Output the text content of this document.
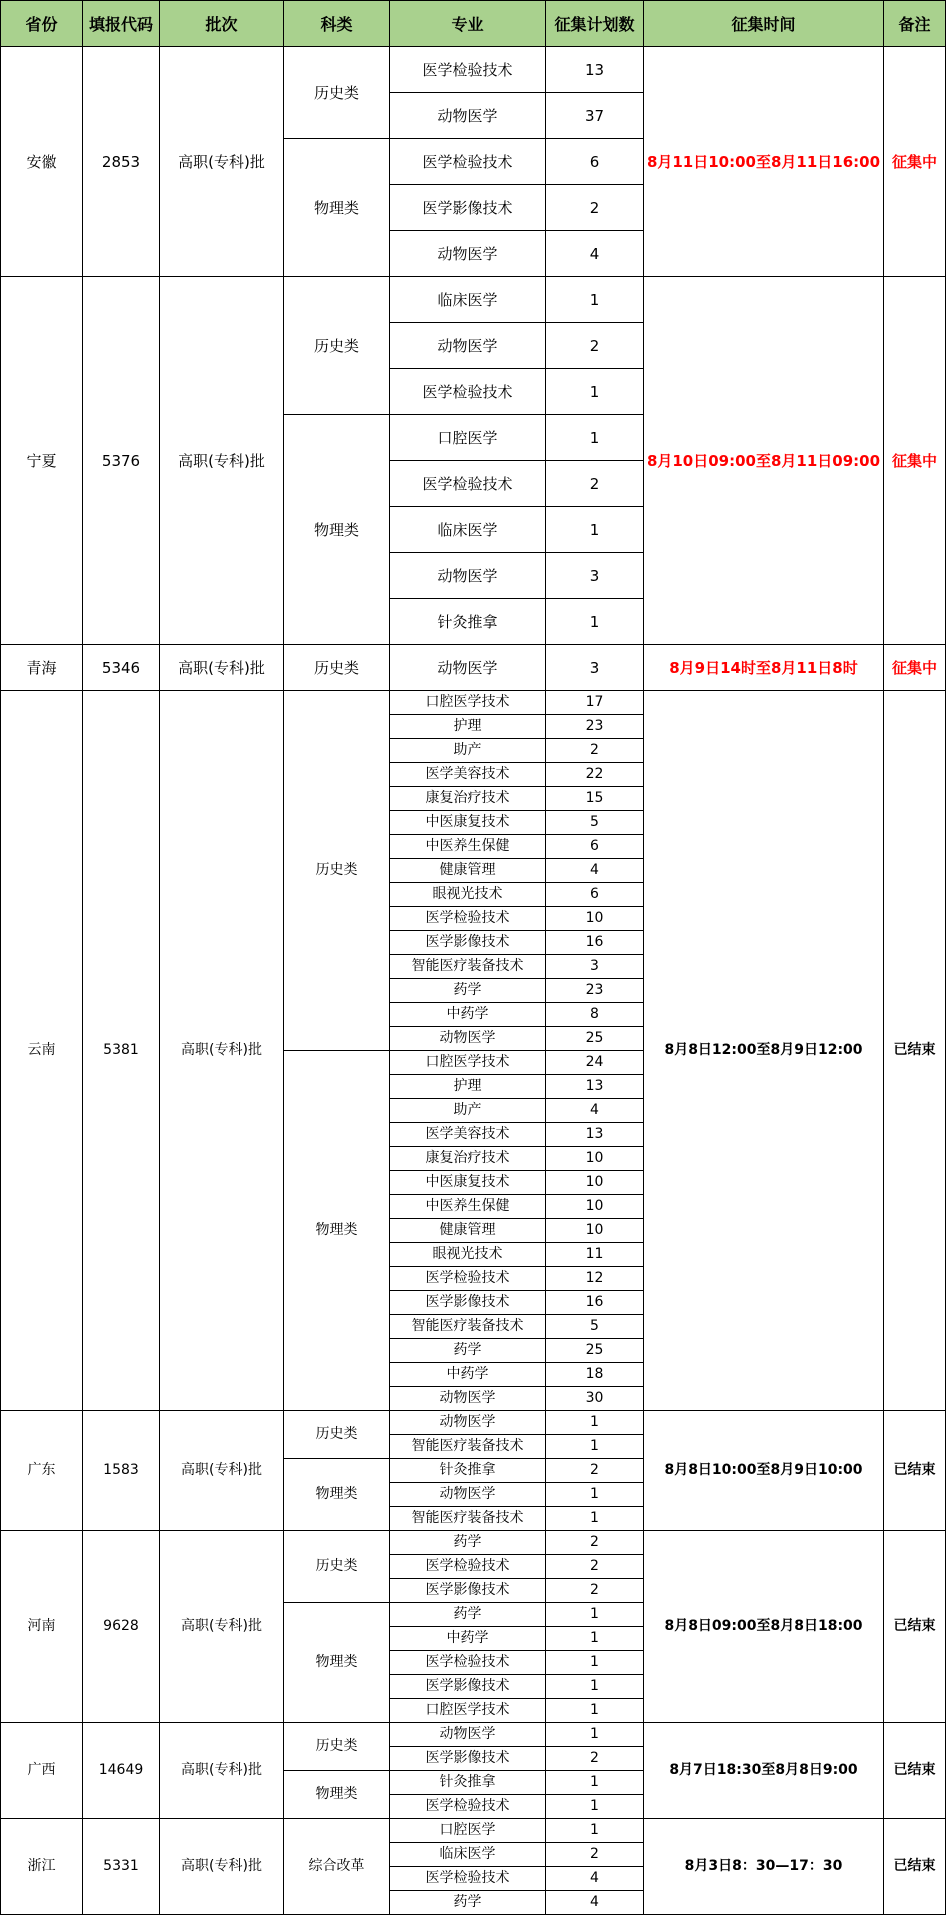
省份	填报代码	批次	科类	专业	征集计划数	征集时间	备注
安徽	2853	高职(专科)批	历史类	医学检验技术	13	8月11日10:00至8月11日16:00	征集中
				动物医学	37		
			物理类	医学检验技术	6		
				医学影像技术	2		
				动物医学	4		
宁夏	5376	高职(专科)批	历史类	临床医学	1	8月10日09:00至8月11日09:00	征集中
				动物医学	2		
				医学检验技术	1		
			物理类	口腔医学	1		
				医学检验技术	2		
				临床医学	1		
				动物医学	3		
				针灸推拿	1		
青海	5346	高职(专科)批	历史类	动物医学	3	8月9日14时至8月11日8时	征集中
云南	5381	高职(专科)批	历史类	口腔医学技术	17	8月8日12:00至8月9日12:00	已结束
				护理	23		
				助产	2		
				医学美容技术	22		
				康复治疗技术	15		
				中医康复技术	5		
				中医养生保健	6		
				健康管理	4		
				眼视光技术	6		
				医学检验技术	10		
				医学影像技术	16		
				智能医疗装备技术	3		
				药学	23		
				中药学	8		
				动物医学	25		
			物理类	口腔医学技术	24		
				护理	13		
				助产	4		
				医学美容技术	13		
				康复治疗技术	10		
				中医康复技术	10		
				中医养生保健	10		
				健康管理	10		
				眼视光技术	11		
				医学检验技术	12		
				医学影像技术	16		
				智能医疗装备技术	5		
				药学	25		
				中药学	18		
				动物医学	30		
广东	1583	高职(专科)批	历史类	动物医学	1	8月8日10:00至8月9日10:00	已结束
				智能医疗装备技术	1		
			物理类	针灸推拿	2		
				动物医学	1		
				智能医疗装备技术	1		
河南	9628	高职(专科)批	历史类	药学	2	8月8日09:00至8月8日18:00	已结束
				医学检验技术	2		
				医学影像技术	2		
			物理类	药学	1		
				中药学	1		
				医学检验技术	1		
				医学影像技术	1		
				口腔医学技术	1		
广西	14649	高职(专科)批	历史类	动物医学	1	8月7日18:30至8月8日9:00	已结束
				医学影像技术	2		
			物理类	针灸推拿	1		
				医学检验技术	1		
浙江	5331	高职(专科)批	综合改革	口腔医学	1	8月3日8：30—17：30	已结束
				临床医学	2		
				医学检验技术	4		
				药学	4		
